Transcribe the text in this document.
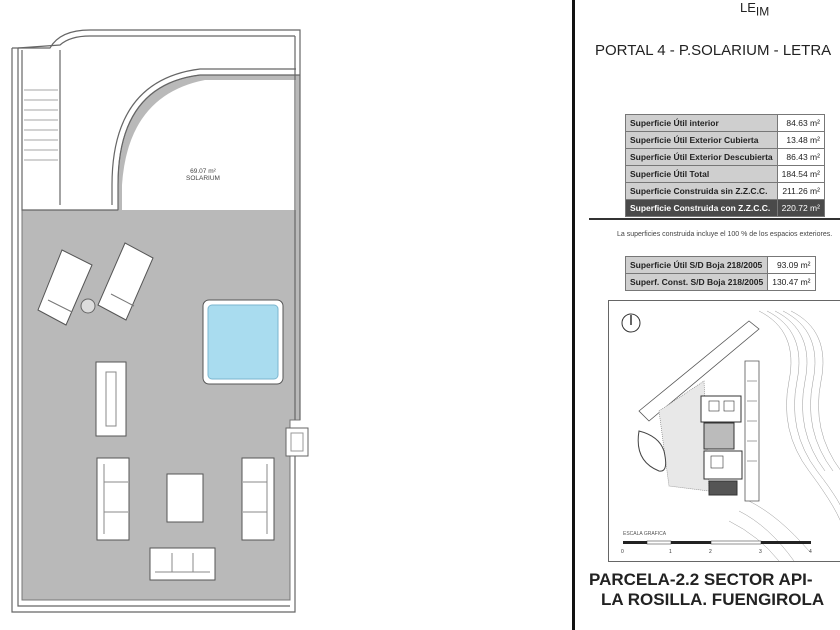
69.07 m²
SOLARIUM
$LE_{IM}$
PORTAL 4 - P.SOLARIUM - LETRA
Superficie Útil interior	84.63 m²
Superficie Útil Exterior Cubierta	13.48 m²
Superficie Útil Exterior Descubierta	86.43 m²
Superficie Útil Total	184.54 m²
Superficie Construida sin Z.Z.C.C.	211.26 m²
Superficie Construida con Z.Z.C.C.	220.72 m²
La superficies construida incluye el 100 % de los espacios exteriores.
Superficie Útil S/D Boja 218/2005	93.09 m²
Superf. Const. S/D Boja 218/2005	130.47 m²
ESCALA GRAFICA
0	1	2	3	4
PARCELA-2.2 SECTOR API-
LA ROSILLA. FUENGIROLA
